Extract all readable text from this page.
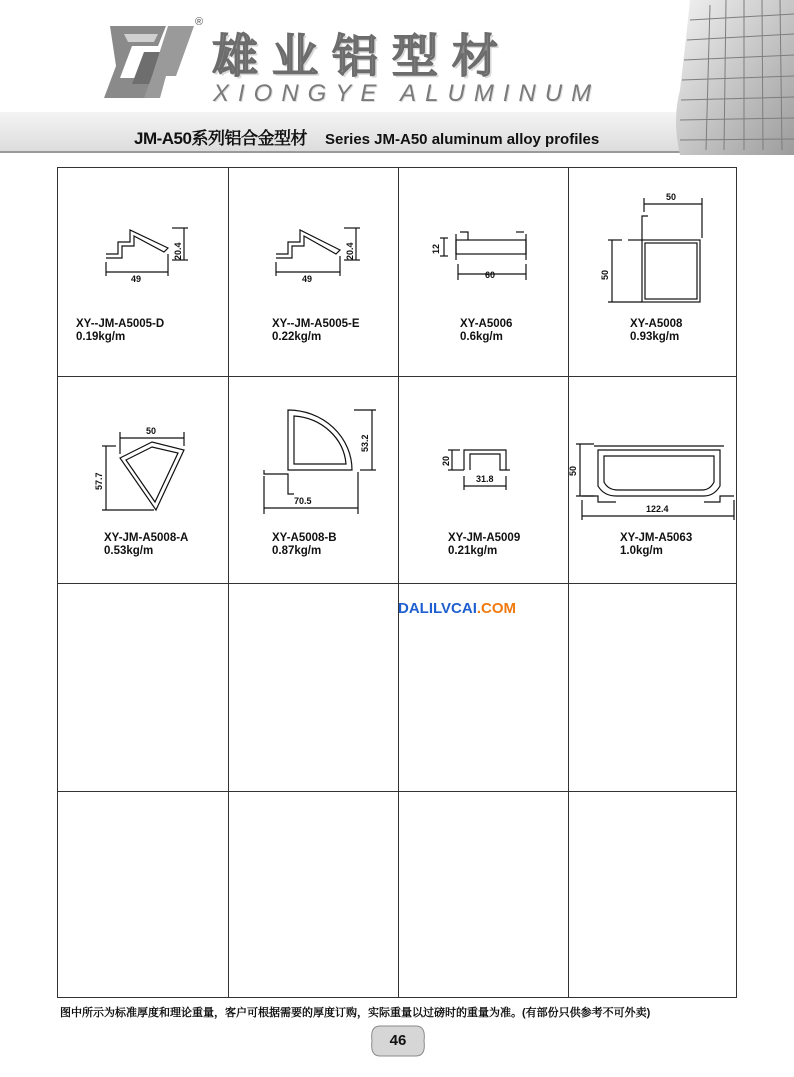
®
雄业铝型材
XIONGYE ALUMINUM
JM-A50系列铝合金型材 Series JM-A50 aluminum alloy profiles
49
20.4
XY--JM-A5005-D
0.19kg/m
49
20.4
XY--JM-A5005-E
0.22kg/m
60
12
XY-A5006
0.6kg/m
50
50
XY-A5008
0.93kg/m
50
57.7
XY-JM-A5008-A
0.53kg/m
70.5
53.2
XY-A5008-B
0.87kg/m
31.8
20
XY-JM-A5009
0.21kg/m
122.4
50
XY-JM-A5063
1.0kg/m
DALILVCAI.COM
图中所示为标准厚度和理论重量，客户可根据需要的厚度订购，实际重量以过磅时的重量为准。(有部份只供参考不可外卖)
46
